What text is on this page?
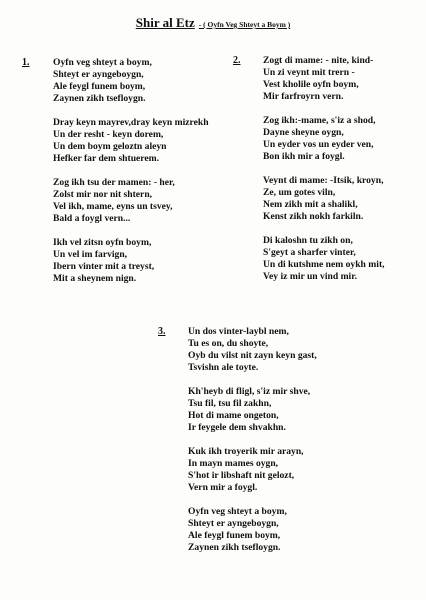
Shir al Etz - ( Oyfn Veg Shteyt a Boym )
1. Oyfn veg shteyt a boym,
Shteyt er ayngeboygn,
Ale feygl funem boym,
Zaynen zikh tsefloygn.
Dray keyn mayrev,dray keyn mizrekh
Un der resht - keyn dorem,
Un dem boym geloztn aleyn
Hefker far dem shtuerem.
Zog ikh tsu der mamen: - her,
Zolst mir nor nit shtern,
Vel ikh, mame, eyns un tsvey,
Bald a foygl vern...
Ikh vel zitsn oyfn boym,
Un vel im farvign,
Ibern vinter mit a treyst,
Mit a sheynem nign.
2. Zogt di mame: - nite, kind-
Un zi veynt mit trern -
Vest kholile oyfn boym,
Mir farfroyrn vern.
Zog ikh:-mame, s'iz a shod,
Dayne sheyne oygn,
Un eyder vos un eyder ven,
Bon ikh mir a foygl.
Veynt di mame: -Itsik, kroyn,
Ze, um gotes viln,
Nem zikh mit a shalikl,
Kenst zikh nokh farkiln.
Di kaloshn tu zikh on,
S'geyt a sharfer vinter,
Un di kutshme nem oykh mit,
Vey iz mir un vind mir.
3. Un dos vinter-laybl nem,
Tu es on, du shoyte,
Oyb du vilst nit zayn keyn gast,
Tsvishn ale toyte.
Kh'heyb di fligl, s'iz mir shve,
Tsu fil, tsu fil zakhn,
Hot di mame ongeton,
Ir feygele dem shvakhn.
Kuk ikh troyerik mir arayn,
In mayn mames oygn,
S'hot ir libshaft nit gelozt,
Vern mir a foygl.
Oyfn veg shteyt a boym,
Shteyt er ayngeboygn,
Ale feygl funem boym,
Zaynen zikh tsefloygn.
